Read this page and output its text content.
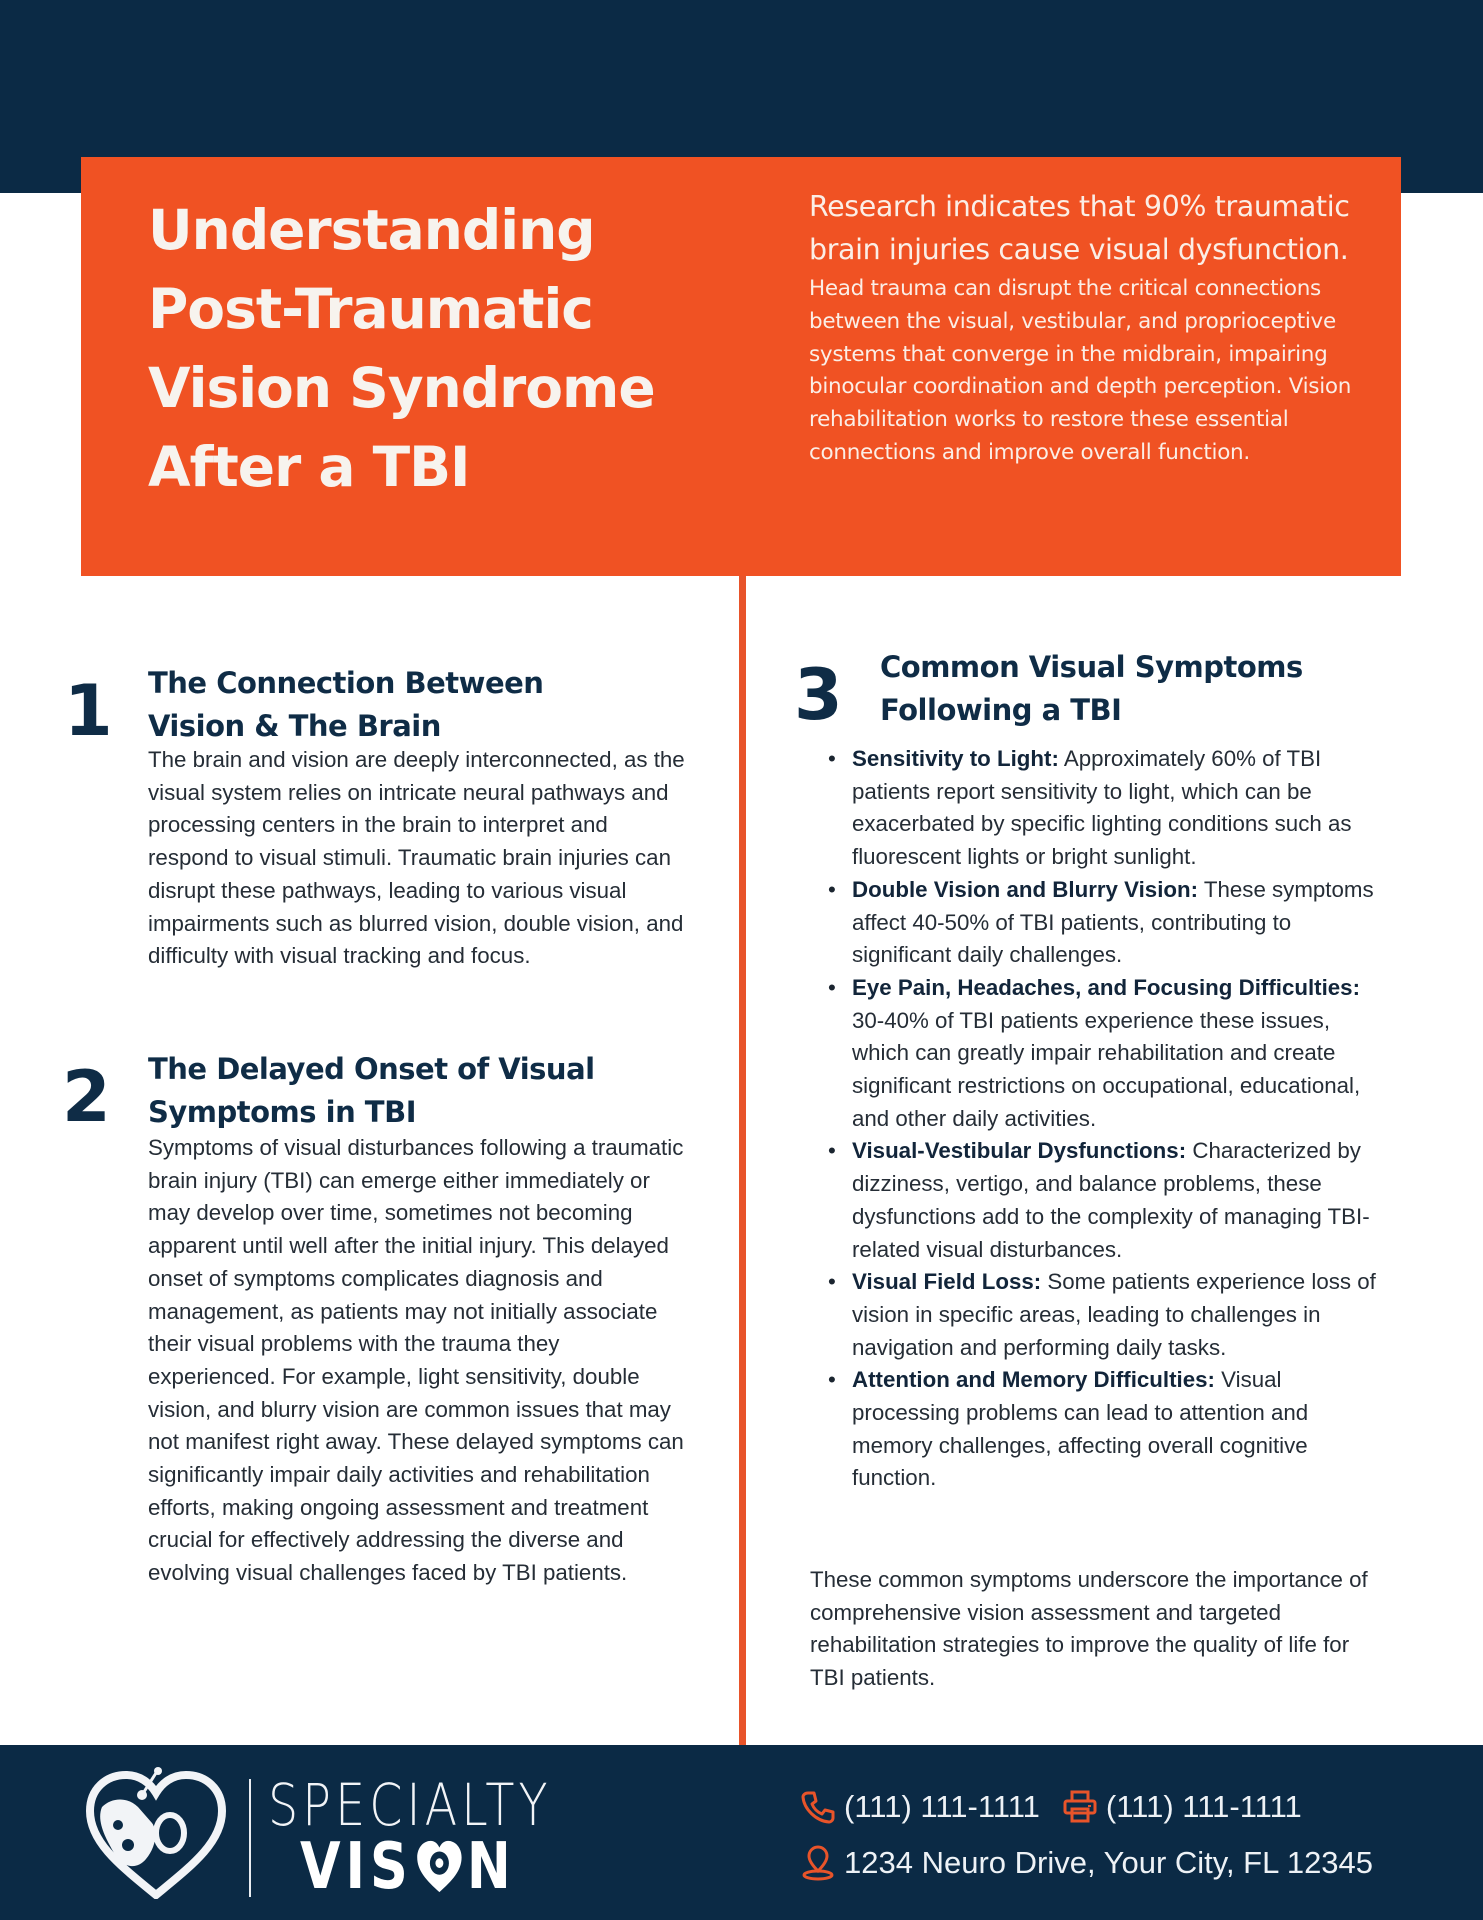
Understanding
Post-Traumatic
Vision Syndrome
After a TBI

Research indicates that 90% traumatic brain injuries cause visual dysfunction.

Head trauma can disrupt the critical connections between the visual, vestibular, and proprioceptive systems that converge in the midbrain, impairing binocular coordination and depth perception. Vision rehabilitation works to restore these essential connections and improve overall function.

1 The Connection Between
Vision & The Brain

The brain and vision are deeply interconnected, as the visual system relies on intricate neural pathways and processing centers in the brain to interpret and respond to visual stimuli. Traumatic brain injuries can disrupt these pathways, leading to various visual impairments such as blurred vision, double vision, and difficulty with visual tracking and focus.

2 The Delayed Onset of Visual
Symptoms in TBI

Symptoms of visual disturbances following a traumatic brain injury (TBI) can emerge either immediately or may develop over time, sometimes not becoming apparent until well after the initial injury. This delayed onset of symptoms complicates diagnosis and management, as patients may not initially associate their visual problems with the trauma they experienced. For example, light sensitivity, double vision, and blurry vision are common issues that may not manifest right away. These delayed symptoms can significantly impair daily activities and rehabilitation efforts, making ongoing assessment and treatment crucial for effectively addressing the diverse and evolving visual challenges faced by TBI patients.

3 Common Visual Symptoms
Following a TBI
• Sensitivity to Light: Approximately 60% of TBI patients report sensitivity to light, which can be exacerbated by specific lighting conditions such as fluorescent lights or bright sunlight.
• Double Vision and Blurry Vision: These symptoms affect 40-50% of TBI patients, contributing to significant daily challenges.
• Eye Pain, Headaches, and Focusing Difficulties: 30-40% of TBI patients experience these issues, which can greatly impair rehabilitation and create significant restrictions on occupational, educational, and other daily activities.
• Visual-Vestibular Dysfunctions: Characterized by dizziness, vertigo, and balance problems, these dysfunctions add to the complexity of managing TBI-related visual disturbances.
• Visual Field Loss: Some patients experience loss of vision in specific areas, leading to challenges in navigation and performing daily tasks.
• Attention and Memory Difficulties: Visual processing problems can lead to attention and memory challenges, affecting overall cognitive function.

These common symptoms underscore the importance of comprehensive vision assessment and targeted rehabilitation strategies to improve the quality of life for TBI patients.

SPECIALTY
VIS N
(111) 111-1111 (111) 111-1111
1234 Neuro Drive, Your City, FL 12345
